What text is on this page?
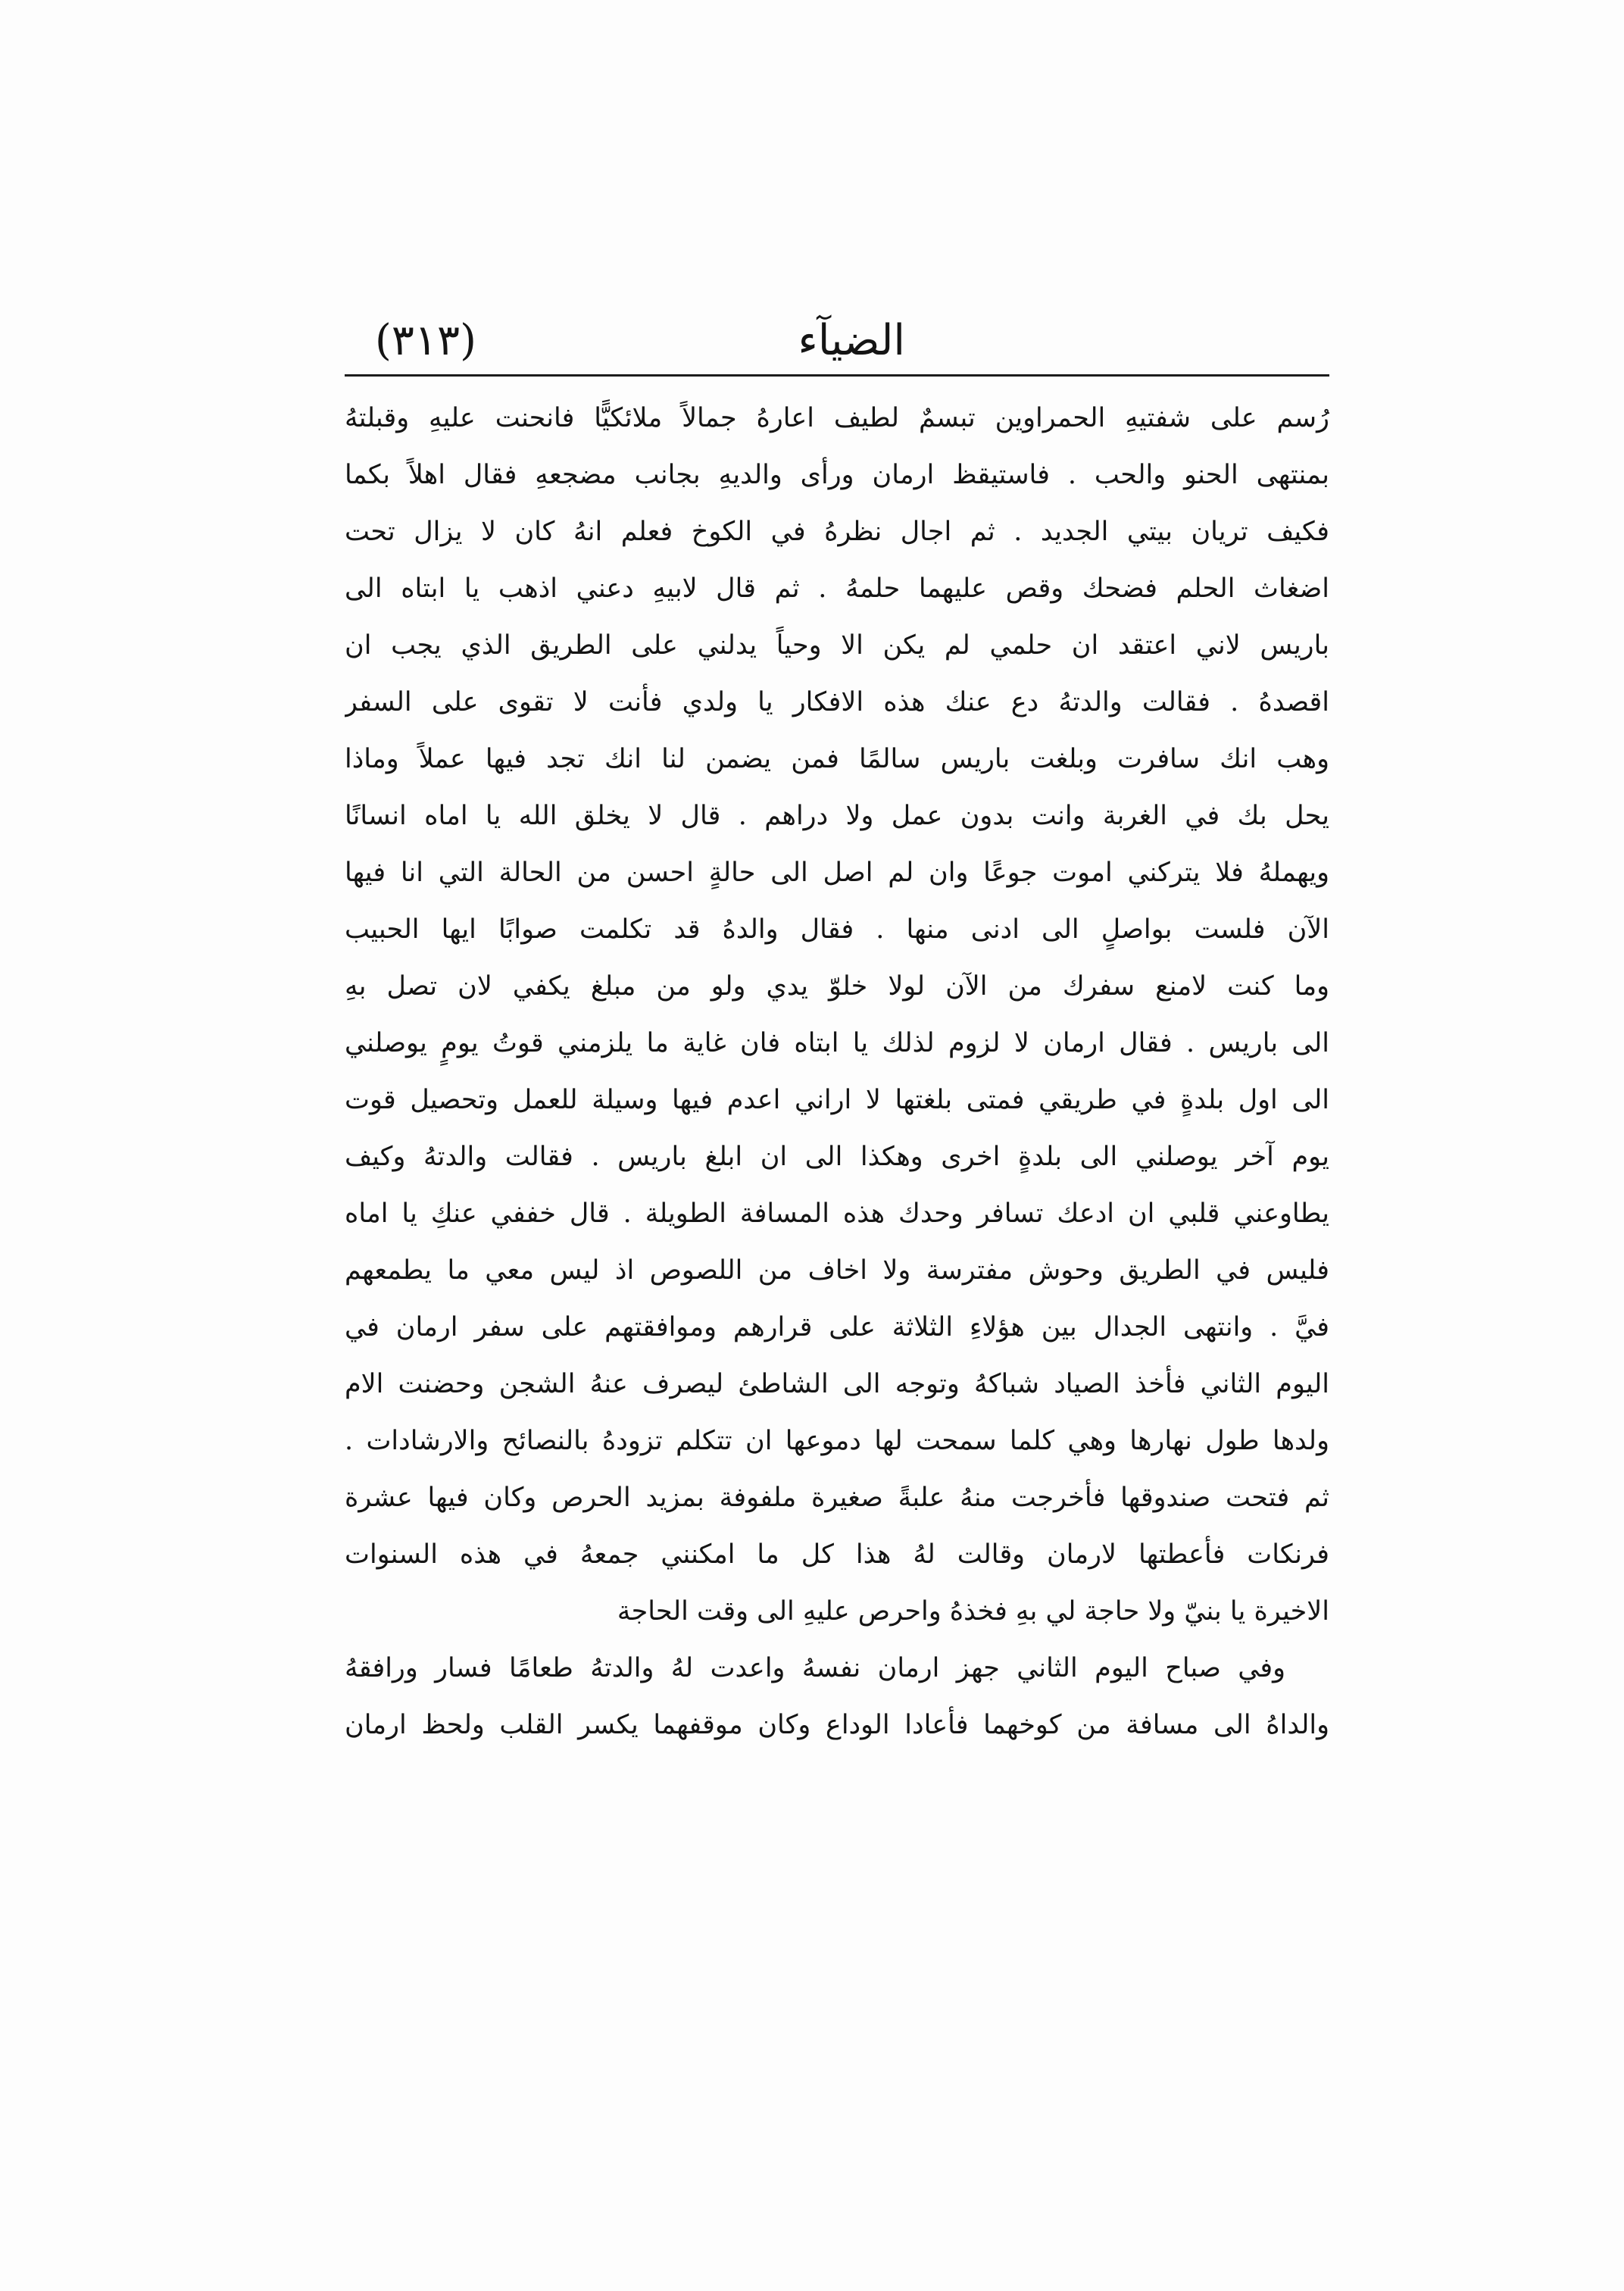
الضيآء
(٣١٣)
رُسم على شفتيهِ الحمراوين تبسمٌ لطيف اعارهُ جمالاً ملائكيًّا فانحنت عليهِ وقبلتهُ
بمنتهى الحنو والحب . فاستيقظ ارمان ورأى والديهِ بجانب مضجعهِ فقال اهلاً بكما
فكيف تريان بيتي الجديد . ثم اجال نظرهُ في الكوخ فعلم انهُ كان لا يزال تحت
اضغاث الحلم فضحك وقص عليهما حلمهُ . ثم قال لابيهِ دعني اذهب يا ابتاه الى
باريس لاني اعتقد ان حلمي لم يكن الا وحياً يدلني على الطريق الذي يجب ان
اقصدهُ . فقالت والدتهُ دع عنك هذه الافكار يا ولدي فأنت لا تقوى على السفر
وهب انك سافرت وبلغت باريس سالمًا فمن يضمن لنا انك تجد فيها عملاً وماذا
يحل بك في الغربة وانت بدون عمل ولا دراهم . قال لا يخلق الله يا اماه انسانًا
ويهملهُ فلا يتركني اموت جوعًا وان لم اصل الى حالةٍ احسن من الحالة التي انا فيها
الآن فلست بواصلٍ الى ادنى منها . فقال والدهُ قد تكلمت صوابًا ايها الحبيب
وما كنت لامنع سفرك من الآن لولا خلوّ يدي ولو من مبلغ يكفي لان تصل بهِ
الى باريس . فقال ارمان لا لزوم لذلك يا ابتاه فان غاية ما يلزمني قوتُ يومٍ يوصلني
الى اول بلدةٍ في طريقي فمتى بلغتها لا اراني اعدم فيها وسيلة للعمل وتحصيل قوت
يوم آخر يوصلني الى بلدةٍ اخرى وهكذا الى ان ابلغ باريس . فقالت والدتهُ وكيف
يطاوعني قلبي ان ادعك تسافر وحدك هذه المسافة الطويلة . قال خففي عنكِ يا اماه
فليس في الطريق وحوش مفترسة ولا اخاف من اللصوص اذ ليس معي ما يطمعهم
فيَّ . وانتهى الجدال بين هؤلاءِ الثلاثة على قرارهم وموافقتهم على سفر ارمان في
اليوم الثاني فأخذ الصياد شباكهُ وتوجه الى الشاطئ ليصرف عنهُ الشجن وحضنت الام
ولدها طول نهارها وهي كلما سمحت لها دموعها ان تتكلم تزودهُ بالنصائح والارشادات .
ثم فتحت صندوقها فأخرجت منهُ علبةً صغيرة ملفوفة بمزيد الحرص وكان فيها عشرة
فرنكات فأعطتها لارمان وقالت لهُ هذا كل ما امكنني جمعهُ في هذه السنوات
الاخيرة يا بنيّ ولا حاجة لي بهِ فخذهُ واحرص عليهِ الى وقت الحاجة
وفي صباح اليوم الثاني جهز ارمان نفسهُ واعدت لهُ والدتهُ طعامًا فسار ورافقهُ
والداهُ الى مسافة من كوخهما فأعادا الوداع وكان موقفهما يكسر القلب ولحظ ارمان
